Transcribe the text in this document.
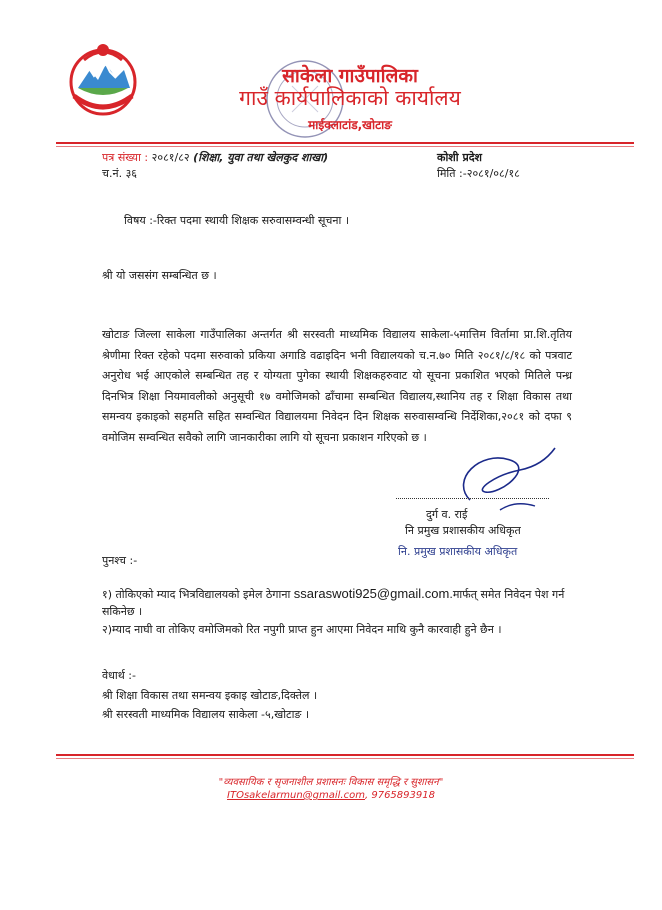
साकेला गाउँपालिका
गाउँ कार्यपालिकाको कार्यालय
माईक्लाटांड,खोटाङ
पत्र संख्या : २०८१/८२ (शिक्षा, युवा तथा खेलकुद शाखा)
च.नं. ३६
कोशी प्रदेश
मिति :-२०८१/०८/१८
विषय :-रिक्त पदमा स्थायी शिक्षक सरुवासम्वन्धी सूचना ।
श्री यो जससंग सम्बन्धित छ ।
खोटाङ जिल्ला साकेला गाउँपालिका अन्तर्गत श्री सरस्वती माध्यमिक विद्यालय साकेला-५मात्तिम विर्तामा प्रा.शि.तृतिय श्रेणीमा रिक्त रहेको पदमा सरुवाको प्रकिया अगाडि वढाइदिन भनी विद्यालयको च.न.७० मिति २०८१/८/१८ को पत्रवाट अनुरोध भई आएकोले सम्बन्धित तह र योग्यता पुगेका स्थायी शिक्षकहरुवाट यो सूचना प्रकाशित भएको मितिले पन्ध्र दिनभित्र शिक्षा नियमावलीको अनुसूची १७ वमोजिमको ढाँचामा सम्बन्धित विद्यालय,स्थानिय तह र शिक्षा विकास तथा समन्वय इकाइको सहमति सहित सम्वन्धित विद्यालयमा निवेदन दिन शिक्षक सरुवासम्वन्धि निर्देशिका,२०८१ को दफा ९ वमोजिम सम्वन्धित सवैको लागि जानकारीका लागि यो सूचना प्रकाशन गरिएको छ ।
दुर्ग व. राई
नि प्रमुख प्रशासकीय अधिकृत
नि. प्रमुख प्रशासकीय अधिकृत
पुनश्च :-
१) तोकिएको म्याद भित्रविद्यालयको इमेल ठेगाना ssaraswoti925@gmail.com.मार्फत् समेत निवेदन पेश गर्न सकिनेछ ।
२)म्याद नाघी वा तोकिए वमोजिमको रित नपुगी प्राप्त हुन आएमा निवेदन माथि कुनै कारवाही हुने छैन ।
वेधार्थ :-
श्री शिक्षा विकास तथा समन्वय इकाइ खोटाङ,दिक्तेल ।
श्री सरस्वती माध्यमिक विद्यालय साकेला -५,खोटाङ ।
"व्यवसायिक र सृजनाशील प्रशासनः विकास समृद्धि र सुशासन"
ITOsakelarmun@gmail.com, 9765893918
